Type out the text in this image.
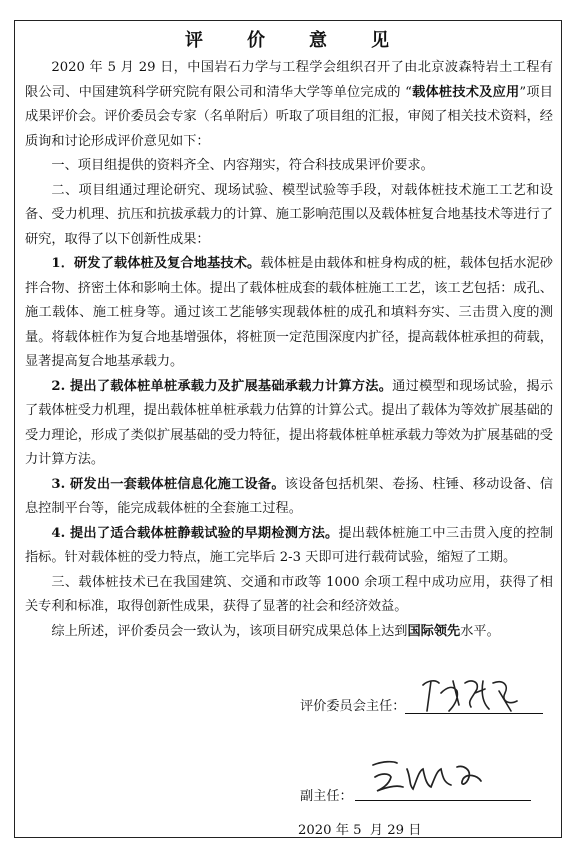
评 价 意 见

2020 年 5 月 29 日，中国岩石力学与工程学会组织召开了由北京波森特岩土工程有限公司、中国建筑科学研究院有限公司和清华大学等单位完成的 “载体桩技术及应用”项目成果评价会。评价委员会专家（名单附后）听取了项目组的汇报，审阅了相关技术资料，经质询和讨论形成评价意见如下：

一、项目组提供的资料齐全、内容翔实，符合科技成果评价要求。

二、项目组通过理论研究、现场试验、模型试验等手段，对载体桩技术施工工艺和设备、受力机理、抗压和抗拔承载力的计算、施工影响范围以及载体桩复合地基技术等进行了研究，取得了以下创新性成果：

1．研发了载体桩及复合地基技术。载体桩是由载体和桩身构成的桩，载体包括水泥砂拌合物、挤密土体和影响土体。提出了载体桩成套的载体桩施工工艺，该工艺包括：成孔、施工载体、施工桩身等。通过该工艺能够实现载体桩的成孔和填料夯实、三击贯入度的测量。将载体桩作为复合地基增强体，将桩顶一定范围深度内扩径，提高载体桩承担的荷载，显著提高复合地基承载力。

2. 提出了载体桩单桩承载力及扩展基础承载力计算方法。通过模型和现场试验，揭示了载体桩受力机理，提出载体桩单桩承载力估算的计算公式。提出了载体为等效扩展基础的受力理论，形成了类似扩展基础的受力特征，提出将载体桩单桩承载力等效为扩展基础的受力计算方法。

3. 研发出一套载体桩信息化施工设备。该设备包括机架、卷扬、柱锤、移动设备、信息控制平台等，能完成载体桩的全套施工过程。

4. 提出了适合载体桩静载试验的早期检测方法。提出载体桩施工中三击贯入度的控制指标。针对载体桩的受力特点，施工完毕后 2-3 天即可进行载荷试验，缩短了工期。

三、载体桩技术已在我国建筑、交通和市政等 1000 余项工程中成功应用，获得了相关专利和标准，取得创新性成果，获得了显著的社会和经济效益。

综上所述，评价委员会一致认为，该项目研究成果总体上达到国际领先水平。

评价委员会主任：
副主任：
2020 年 5  月 29 日
